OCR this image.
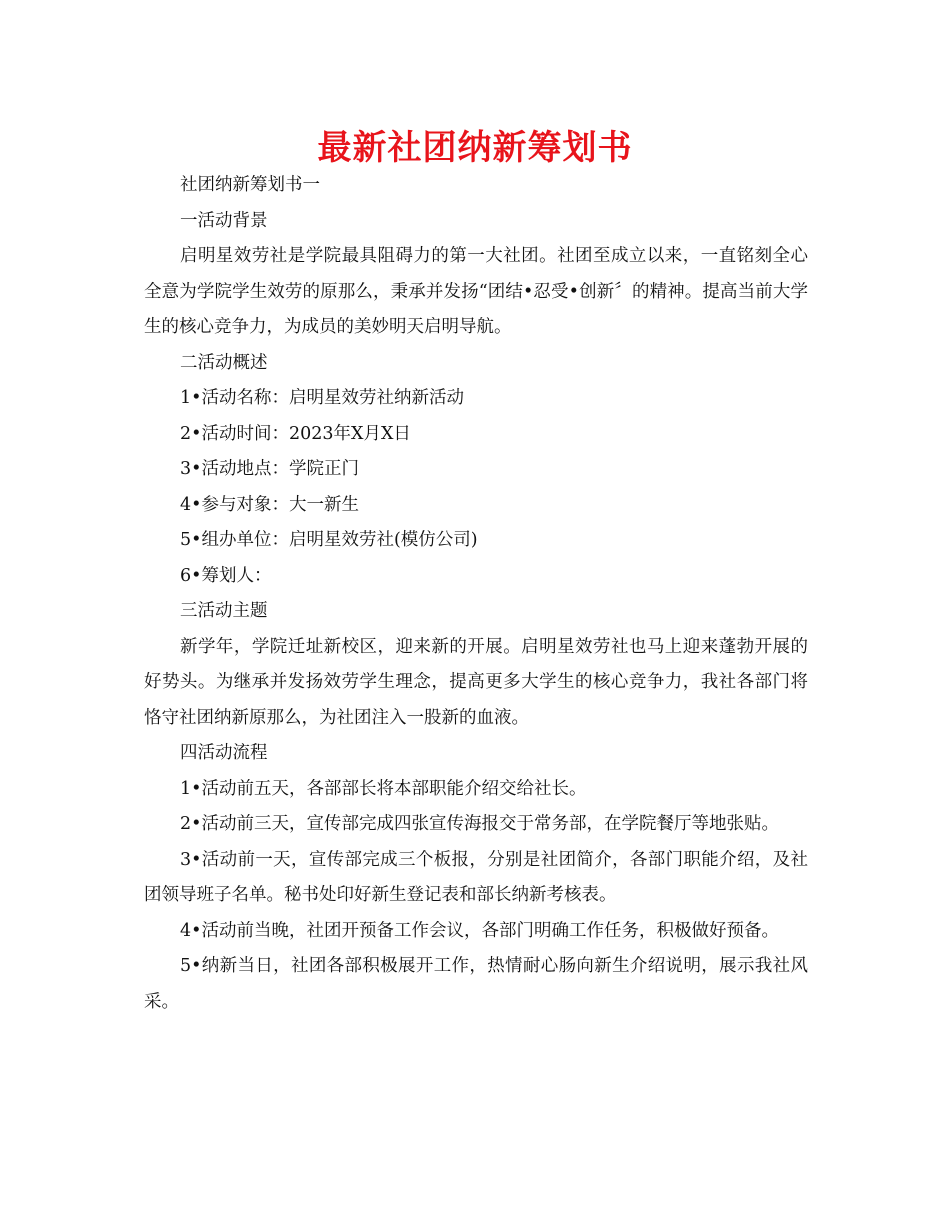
最新社团纳新筹划书

社团纳新筹划书一

一活动背景

启明星效劳社是学院最具阻碍力的第一大社团。社团至成立以来，一直铭刻全心全意为学院学生效劳的原那么，秉承并发扬“团结•忍受•创新〞的精神。提高当前大学生的核心竞争力，为成员的美妙明天启明导航。

二活动概述

1•活动名称：启明星效劳社纳新活动

2•活动时间：2023年X月X日

3•活动地点：学院正门

4•参与对象：大一新生

5•组办单位：启明星效劳社(模仿公司)

6•筹划人：

三活动主题

新学年，学院迁址新校区，迎来新的开展。启明星效劳社也马上迎来蓬勃开展的好势头。为继承并发扬效劳学生理念，提高更多大学生的核心竞争力，我社各部门将恪守社团纳新原那么，为社团注入一股新的血液。

四活动流程

1•活动前五天，各部部长将本部职能介绍交给社长。

2•活动前三天，宣传部完成四张宣传海报交于常务部，在学院餐厅等地张贴。

3•活动前一天，宣传部完成三个板报，分别是社团简介，各部门职能介绍，及社团领导班子名单。秘书处印好新生登记表和部长纳新考核表。

4•活动前当晚，社团开预备工作会议，各部门明确工作任务，积极做好预备。

5•纳新当日，社团各部积极展开工作，热情耐心肠向新生介绍说明，展示我社风采。
